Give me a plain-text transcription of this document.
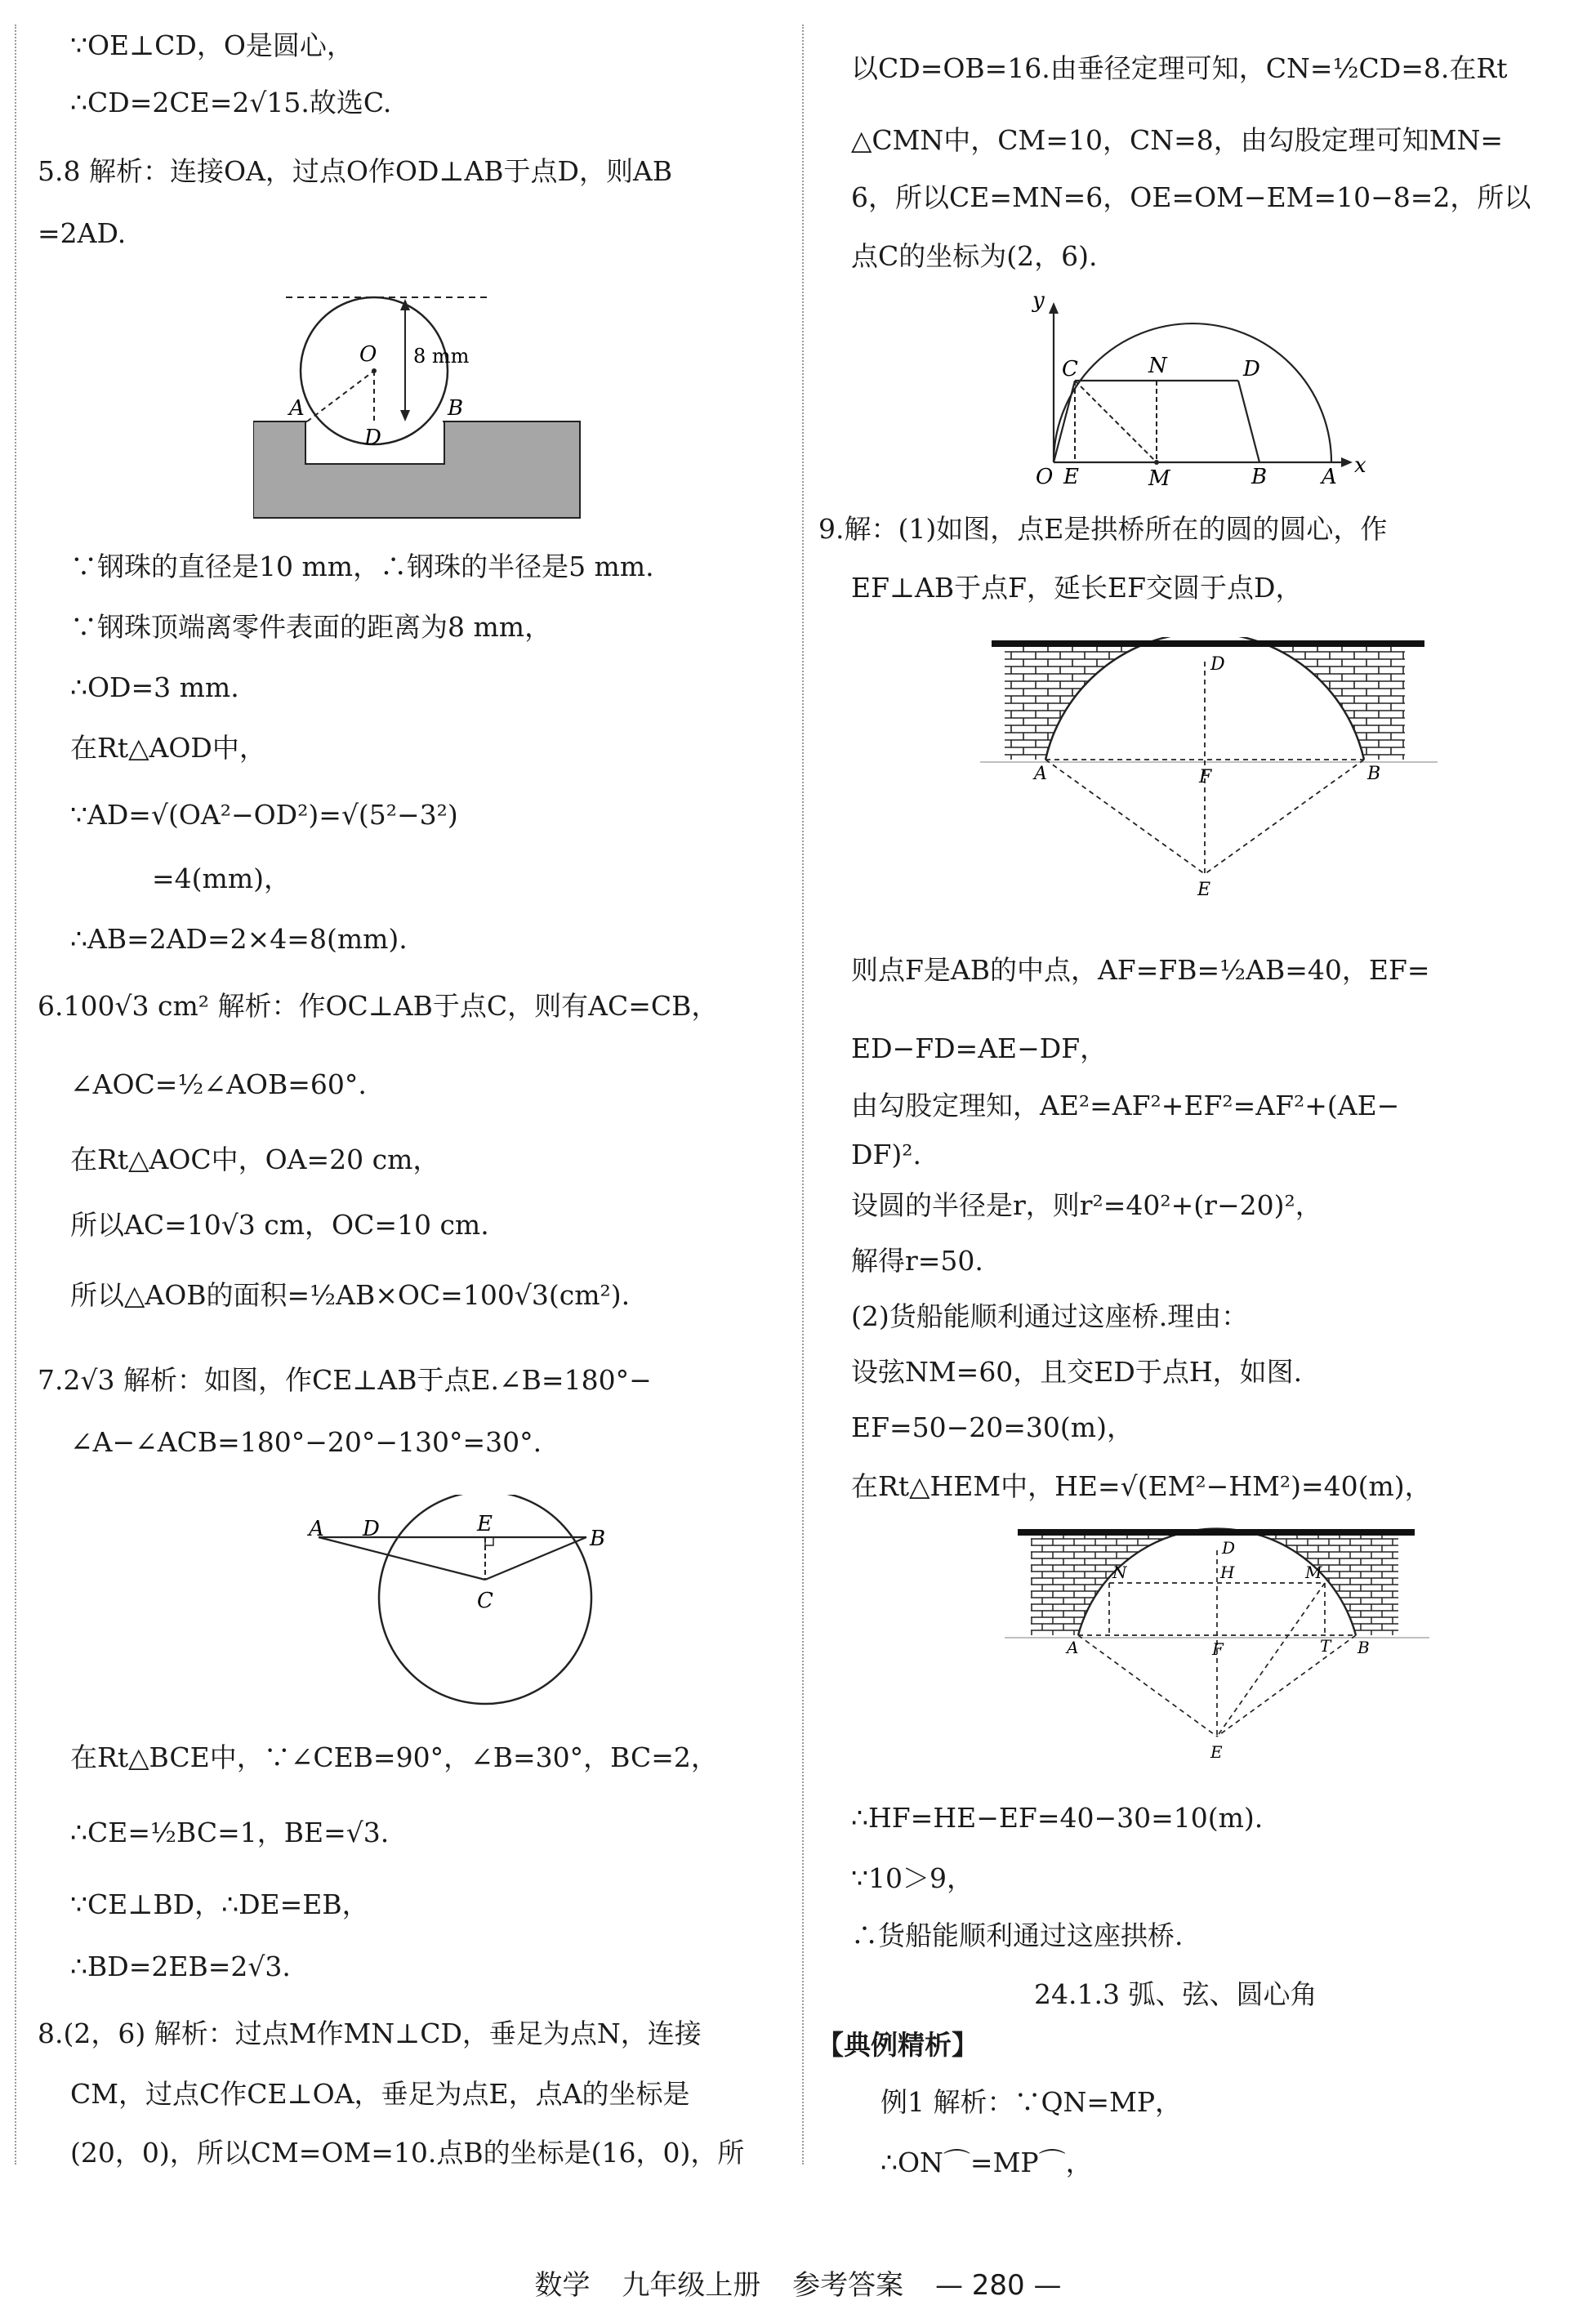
∵OE⊥CD，O是圆心，
∴CD=2CE=2√15.故选C.
5.8 解析：连接OA，过点O作OD⊥AB于点D，则AB
=2AD.
O
A	B
D
8 mm
∵钢珠的直径是10 mm，∴钢珠的半径是5 mm.
∵钢珠顶端离零件表面的距离为8 mm，
∴OD=3 mm.
在Rt△AOD中，
∵AD=√(OA²−OD²)=√(5²−3²)
=4(mm)，
∴AB=2AD=2×4=8(mm).
6.100√3 cm² 解析：作OC⊥AB于点C，则有AC=CB，
∠AOC=½∠AOB=60°.
在Rt△AOC中，OA=20 cm，
所以AC=10√3 cm，OC=10 cm.
所以△AOB的面积=½AB×OC=100√3(cm²).
7.2√3 解析：如图，作CE⊥AB于点E.∠B=180°−
∠A−∠ACB=180°−20°−130°=30°.
A D	E
B
C
在Rt△BCE中，∵∠CEB=90°，∠B=30°，BC=2，
∴CE=½BC=1，BE=√3.
∵CE⊥BD，∴DE=EB，
∴BD=2EB=2√3.
8.(2，6) 解析：过点M作MN⊥CD，垂足为点N，连接
CM，过点C作CE⊥OA，垂足为点E，点A的坐标是
(20，0)，所以CM=OM=10.点B的坐标是(16，0)，所
以CD=OB=16.由垂径定理可知，CN=½CD=8.在Rt
△CMN中，CM=10，CN=8，由勾股定理可知MN=
6，所以CE=MN=6，OE=OM−EM=10−8=2，所以
点C的坐标为(2，6).
y
x
O E	M	B	A
C	N	D
9.解：(1)如图，点E是拱桥所在的圆的圆心，作
EF⊥AB于点F，延长EF交圆于点D，
D
A	F	B
E
则点F是AB的中点，AF=FB=½AB=40，EF=
ED−FD=AE−DF，
由勾股定理知，AE²=AF²+EF²=AF²+(AE−
DF)².
设圆的半径是r，则r²=40²+(r−20)²，
解得r=50.
(2)货船能顺利通过这座桥.理由：
设弦NM=60，且交ED于点H，如图.
EF=50−20=30(m)，
在Rt△HEM中，HE=√(EM²−HM²)=40(m)，
D
N	H	M
A	F	T B
E
∴HF=HE−EF=40−30=10(m).
∵10＞9，
∴货船能顺利通过这座拱桥.
24.1.3 弧、弦、圆心角
【典例精析】
例1 解析：∵QN=MP，
∴ON⌒=MP⌒，
数学 九年级上册 参考答案 — 280 —
